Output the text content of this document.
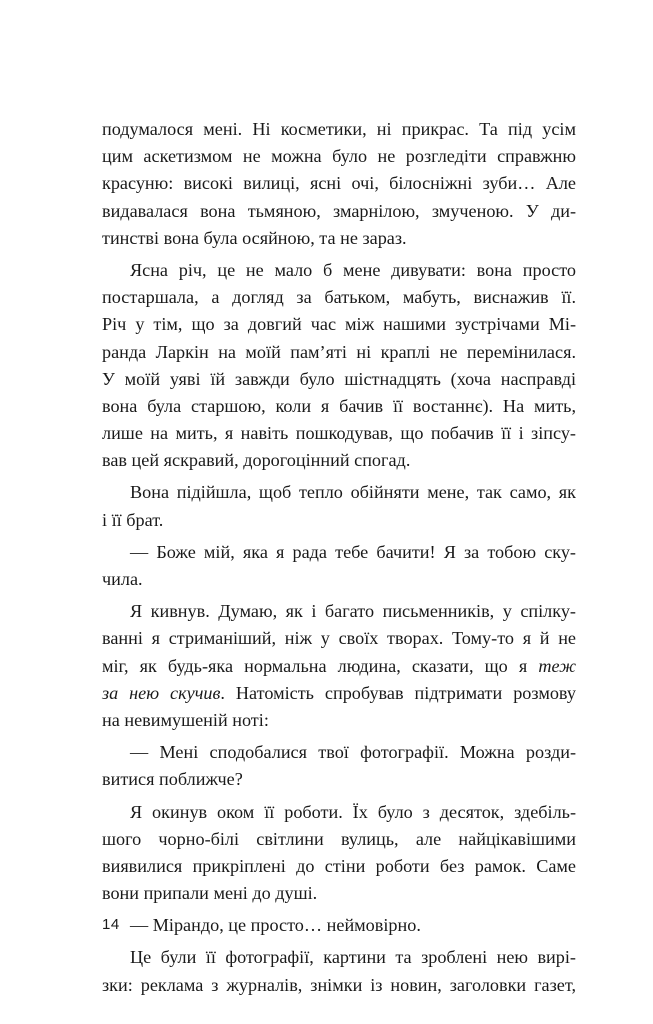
подумалося мені. Ні косметики, ні прикрас. Та під усім
цим аскетизмом не можна було не розгледіти справжню
красуню: високі вилиці, ясні очі, білосніжні зуби… Але
видавалася вона тьмяною, змарнілою, змученою. У ди-
тинстві вона була осяйною, та не зараз.
Ясна річ, це не мало б мене дивувати: вона просто
постаршала, а догляд за батьком, мабуть, виснажив її.
Річ у тім, що за довгий час між нашими зустрічами Мі-
ранда Ларкін на моїй пам’яті ні краплі не перемінилася.
У моїй уяві їй завжди було шістнадцять (хоча насправді
вона була старшою, коли я бачив її востаннє). На мить,
лише на мить, я навіть пошкодував, що побачив її і зіпсу-
вав цей яскравий, дорогоцінний спогад.
Вона підійшла, щоб тепло обійняти мене, так само, як
і її брат.
— Боже мій, яка я рада тебе бачити! Я за тобою ску-
чила.
Я кивнув. Думаю, як і багато письменників, у спілку-
ванні я стриманіший, ніж у своїх творах. Тому-то я й не
міг, як будь-яка нормальна людина, сказати, що я теж
за нею скучив. Натомість спробував підтримати розмову
на невимушеній ноті:
— Мені сподобалися твої фотографії. Можна розди-
витися поближче?
Я окинув оком її роботи. Їх було з десяток, здебіль-
шого чорно-білі світлини вулиць, але найцікавішими
виявилися прикріплені до стіни роботи без рамок. Саме
вони припали мені до душі.
— Мірандо, це просто… неймовірно.
Це були її фотографії, картини та зроблені нею вирі-
зки: реклама з журналів, знімки із новин, заголовки газет,
14
